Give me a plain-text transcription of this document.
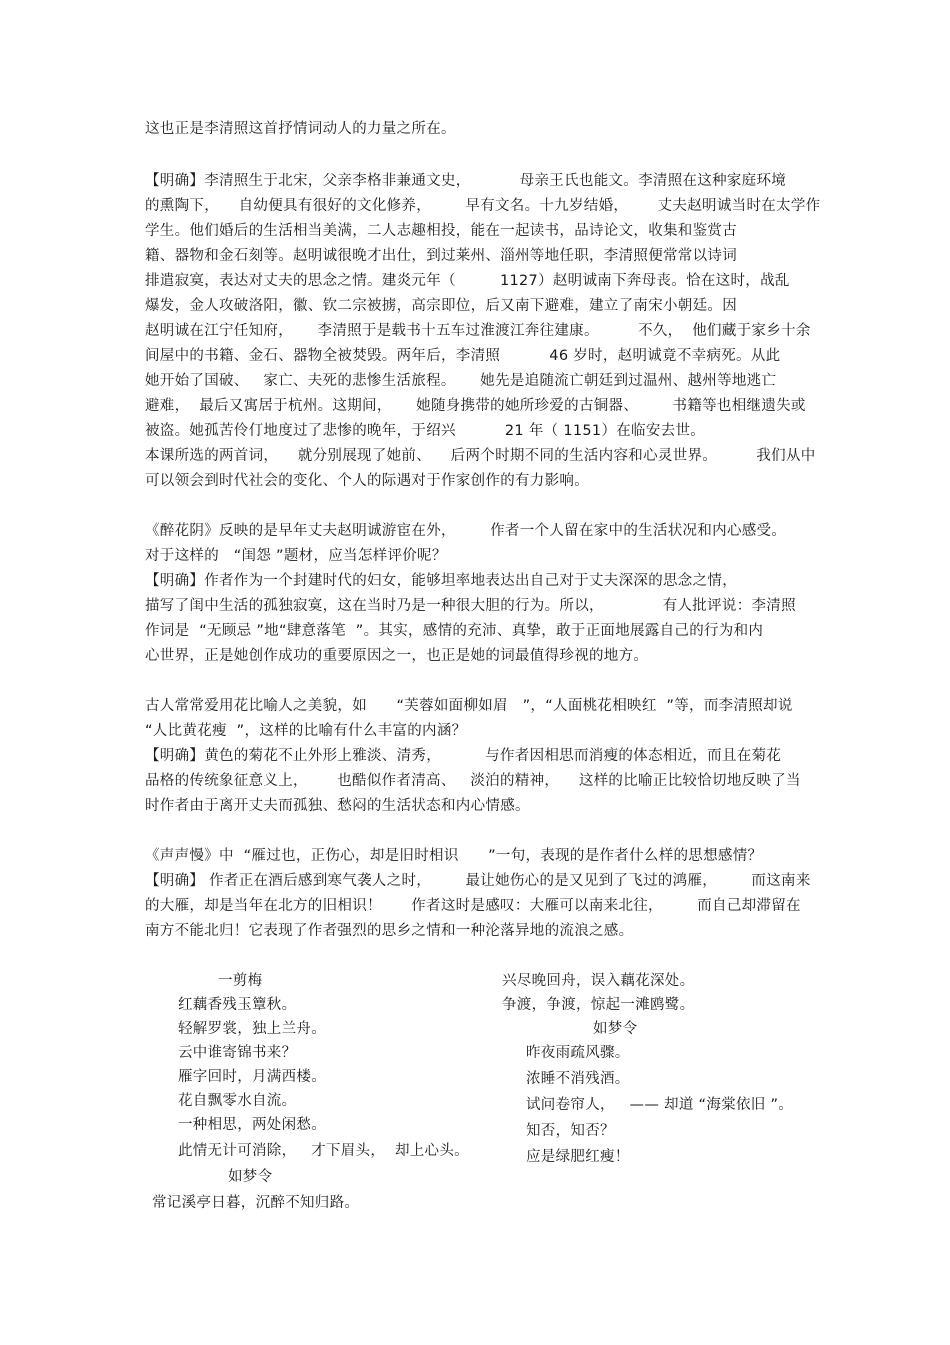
这也正是李清照这首抒情词动人的力量之所在。
【明确】李清照生于北宋，父亲李格非兼通文史，          母亲王氏也能文。李清照在这种家庭环境
的熏陶下，    自幼便具有很好的文化修养，       早有文名。十九岁结婚，      丈夫赵明诚当时在太学作
学生。他们婚后的生活相当美满，二人志趣相投，能在一起读书，品诗论文，收集和鉴赏古
籍、器物和金石刻等。赵明诚很晚才出仕，到过莱州、淄州等地任职，李清照便常常以诗词
排遣寂寞，表达对丈夫的思念之情。建炎元年（         1127）赵明诚南下奔母丧。恰在这时，战乱
爆发，金人攻破洛阳，徽、钦二宗被掳，高宗即位，后又南下避难，建立了南宋小朝廷。因
赵明诚在江宁任知府，     李清照于是载书十五车过淮渡江奔往建康。        不久，  他们藏于家乡十余
间屋中的书籍、金石、器物全被焚毁。两年后，李清照          46 岁时，赵明诚竟不幸病死。从此
她开始了国破、   家亡、夫死的悲惨生活旅程。     她先是追随流亡朝廷到过温州、越州等地逃亡
避难，  最后又寓居于杭州。这期间，     她随身携带的她所珍爱的古铜器、       书籍等也相继遗失或
被盗。她孤苦伶仃地度过了悲惨的晚年，于绍兴          21 年（ 1151）在临安去世。
本课所选的两首词，    就分别展现了她前、    后两个时期不同的生活内容和心灵世界。        我们从中
可以领会到时代社会的变化、个人的际遇对于作家创作的有力影响。
《醉花阴》反映的是早年丈夫赵明诚游宦在外，       作者一个人留在家中的生活状况和内心感受。
对于这样的   “闺怨 ”题材，应当怎样评价呢？
【明确】作者作为一个封建时代的妇女，能够坦率地表达出自己对于丈夫深深的思念之情，
描写了闺中生活的孤独寂寞，这在当时乃是一种很大胆的行为。所以，            有人批评说：李清照
作词是  “无顾忌 ”地“肆意落笔  ”。其实，感情的充沛、真挚，敢于正面地展露自己的行为和内
心世界，正是她创作成功的重要原因之一，也正是她的词最值得珍视的地方。
古人常常爱用花比喻人之美貌，如      “芙蓉如面柳如眉   ”，“人面桃花相映红  ”等，而李清照却说
“人比黄花瘦  ”，这样的比喻有什么丰富的内涵？
【明确】黄色的菊花不止外形上雅淡、清秀，         与作者因相思而消瘦的体态相近，而且在菊花
品格的传统象征意义上，      也酷似作者清高、   淡泊的精神，    这样的比喻正比较恰切地反映了当
时作者由于离开丈夫而孤独、愁闷的生活状态和内心情感。
《声声慢》中  “雁过也，正伤心，却是旧时相识      ”一句，表现的是作者什么样的思想感情？
【明确】 作者正在酒后感到寒气袭人之时，       最让她伤心的是又见到了飞过的鸿雁，       而这南来
的大雁，却是当年在北方的旧相识！      作者这时是感叹：大雁可以南来北往，       而自己却滞留在
南方不能北归！它表现了作者强烈的思乡之情和一种沦落异地的流浪之感。
一剪梅
红藕香残玉簟秋。
轻解罗裳，独上兰舟。
云中谁寄锦书来？
雁字回时，月满西楼。
花自飘零水自流。
一种相思，两处闲愁。
此情无计可消除，   才下眉头，  却上心头。
如梦令
常记溪亭日暮，沉醉不知归路。
兴尽晚回舟，误入藕花深处。
争渡，争渡，惊起一滩鸥鹭。
如梦令
昨夜雨疏风骤。
浓睡不消残酒。
试问卷帘人，   —— 却道 “海棠依旧 ”。
知否，知否？
应是绿肥红瘦！
